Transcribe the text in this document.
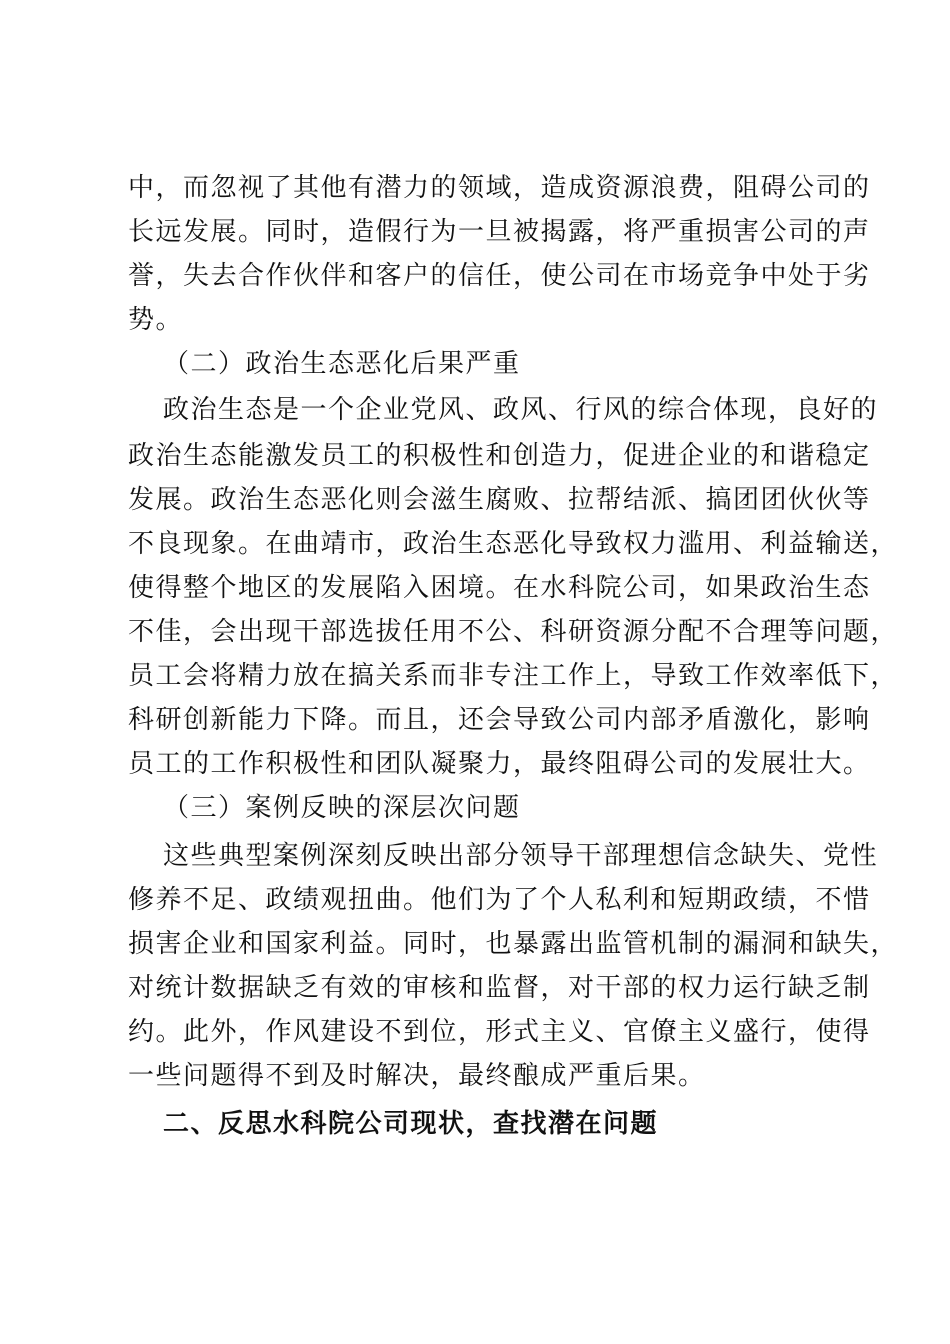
中，而忽视了其他有潜力的领域，造成资源浪费，阻碍公司的
长远发展。同时，造假行为一旦被揭露，将严重损害公司的声
誉，失去合作伙伴和客户的信任，使公司在市场竞争中处于劣
势。
（二）政治生态恶化后果严重
政治生态是一个企业党风、政风、行风的综合体现，良好的
政治生态能激发员工的积极性和创造力，促进企业的和谐稳定
发展。政治生态恶化则会滋生腐败、拉帮结派、搞团团伙伙等
不良现象。在曲靖市，政治生态恶化导致权力滥用、利益输送，
使得整个地区的发展陷入困境。在水科院公司，如果政治生态
不佳，会出现干部选拔任用不公、科研资源分配不合理等问题，
员工会将精力放在搞关系而非专注工作上，导致工作效率低下，
科研创新能力下降。而且，还会导致公司内部矛盾激化，影响
员工的工作积极性和团队凝聚力，最终阻碍公司的发展壮大。
（三）案例反映的深层次问题
这些典型案例深刻反映出部分领导干部理想信念缺失、党性
修养不足、政绩观扭曲。他们为了个人私利和短期政绩，不惜
损害企业和国家利益。同时，也暴露出监管机制的漏洞和缺失，
对统计数据缺乏有效的审核和监督，对干部的权力运行缺乏制
约。此外，作风建设不到位，形式主义、官僚主义盛行，使得
一些问题得不到及时解决，最终酿成严重后果。
二、反思水科院公司现状，查找潜在问题
